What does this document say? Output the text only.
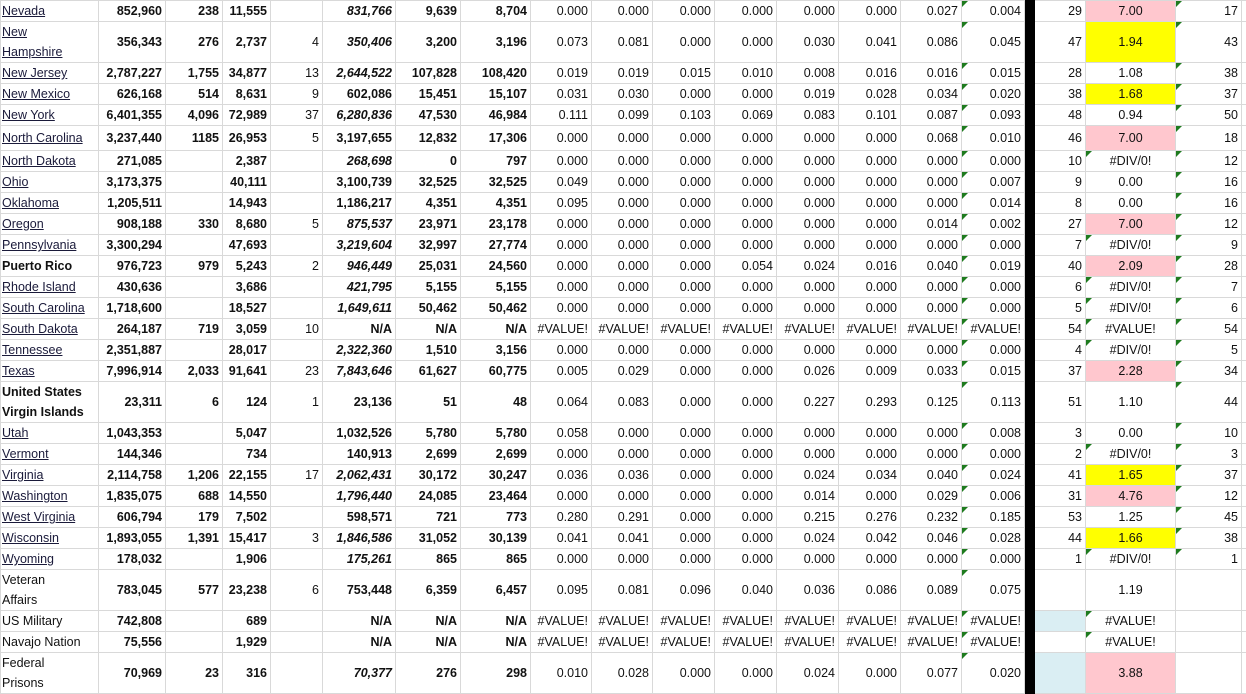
Nevada	852,960	238	11,555		831,766	9,639	8,704	0.000	0.000	0.000	0.000	0.000	0.000	0.027	0.004		29	7.00	17	
New Hampshire	356,343	276	2,737	4	350,406	3,200	3,196	0.073	0.081	0.000	0.000	0.030	0.041	0.086	0.045		47	1.94	43	
New Jersey	2,787,227	1,755	34,877	13	2,644,522	107,828	108,420	0.019	0.019	0.015	0.010	0.008	0.016	0.016	0.015		28	1.08	38	
New Mexico	626,168	514	8,631	9	602,086	15,451	15,107	0.031	0.030	0.000	0.000	0.019	0.028	0.034	0.020		38	1.68	37	
New York	6,401,355	4,096	72,989	37	6,280,836	47,530	46,984	0.111	0.099	0.103	0.069	0.083	0.101	0.087	0.093		48	0.94	50	
North Carolina	3,237,440	1185	26,953	5	3,197,655	12,832	17,306	0.000	0.000	0.000	0.000	0.000	0.000	0.068	0.010		46	7.00	18	
North Dakota	271,085		2,387		268,698	0	797	0.000	0.000	0.000	0.000	0.000	0.000	0.000	0.000		10	#DIV/0!	12	
Ohio	3,173,375		40,111		3,100,739	32,525	32,525	0.049	0.000	0.000	0.000	0.000	0.000	0.000	0.007		9	0.00	16	
Oklahoma	1,205,511		14,943		1,186,217	4,351	4,351	0.095	0.000	0.000	0.000	0.000	0.000	0.000	0.014		8	0.00	16	
Oregon	908,188	330	8,680	5	875,537	23,971	23,178	0.000	0.000	0.000	0.000	0.000	0.000	0.014	0.002		27	7.00	12	
Pennsylvania	3,300,294		47,693		3,219,604	32,997	27,774	0.000	0.000	0.000	0.000	0.000	0.000	0.000	0.000		7	#DIV/0!	9	
Puerto Rico	976,723	979	5,243	2	946,449	25,031	24,560	0.000	0.000	0.000	0.054	0.024	0.016	0.040	0.019		40	2.09	28	
Rhode Island	430,636		3,686		421,795	5,155	5,155	0.000	0.000	0.000	0.000	0.000	0.000	0.000	0.000		6	#DIV/0!	7	
South Carolina	1,718,600		18,527		1,649,611	50,462	50,462	0.000	0.000	0.000	0.000	0.000	0.000	0.000	0.000		5	#DIV/0!	6	
South Dakota	264,187	719	3,059	10	N/A	N/A	N/A	#VALUE!	#VALUE!	#VALUE!	#VALUE!	#VALUE!	#VALUE!	#VALUE!	#VALUE!		54	#VALUE!	54	
Tennessee	2,351,887		28,017		2,322,360	1,510	3,156	0.000	0.000	0.000	0.000	0.000	0.000	0.000	0.000		4	#DIV/0!	5	
Texas	7,996,914	2,033	91,641	23	7,843,646	61,627	60,775	0.005	0.029	0.000	0.000	0.026	0.009	0.033	0.015		37	2.28	34	
United States Virgin Islands	23,311	6	124	1	23,136	51	48	0.064	0.083	0.000	0.000	0.227	0.293	0.125	0.113		51	1.10	44	
Utah	1,043,353		5,047		1,032,526	5,780	5,780	0.058	0.000	0.000	0.000	0.000	0.000	0.000	0.008		3	0.00	10	
Vermont	144,346		734		140,913	2,699	2,699	0.000	0.000	0.000	0.000	0.000	0.000	0.000	0.000		2	#DIV/0!	3	
Virginia	2,114,758	1,206	22,155	17	2,062,431	30,172	30,247	0.036	0.036	0.000	0.000	0.024	0.034	0.040	0.024		41	1.65	37	
Washington	1,835,075	688	14,550		1,796,440	24,085	23,464	0.000	0.000	0.000	0.000	0.014	0.000	0.029	0.006		31	4.76	12	
West Virginia	606,794	179	7,502		598,571	721	773	0.280	0.291	0.000	0.000	0.215	0.276	0.232	0.185		53	1.25	45	
Wisconsin	1,893,055	1,391	15,417	3	1,846,586	31,052	30,139	0.041	0.041	0.000	0.000	0.024	0.042	0.046	0.028		44	1.66	38	
Wyoming	178,032		1,906		175,261	865	865	0.000	0.000	0.000	0.000	0.000	0.000	0.000	0.000		1	#DIV/0!	1	
Veteran Affairs	783,045	577	23,238	6	753,448	6,359	6,457	0.095	0.081	0.096	0.040	0.036	0.086	0.089	0.075			1.19		
US Military	742,808		689		N/A	N/A	N/A	#VALUE!	#VALUE!	#VALUE!	#VALUE!	#VALUE!	#VALUE!	#VALUE!	#VALUE!			#VALUE!		
Navajo Nation	75,556		1,929		N/A	N/A	N/A	#VALUE!	#VALUE!	#VALUE!	#VALUE!	#VALUE!	#VALUE!	#VALUE!	#VALUE!			#VALUE!		
Federal Prisons	70,969	23	316		70,377	276	298	0.010	0.028	0.000	0.000	0.024	0.000	0.077	0.020			3.88		
